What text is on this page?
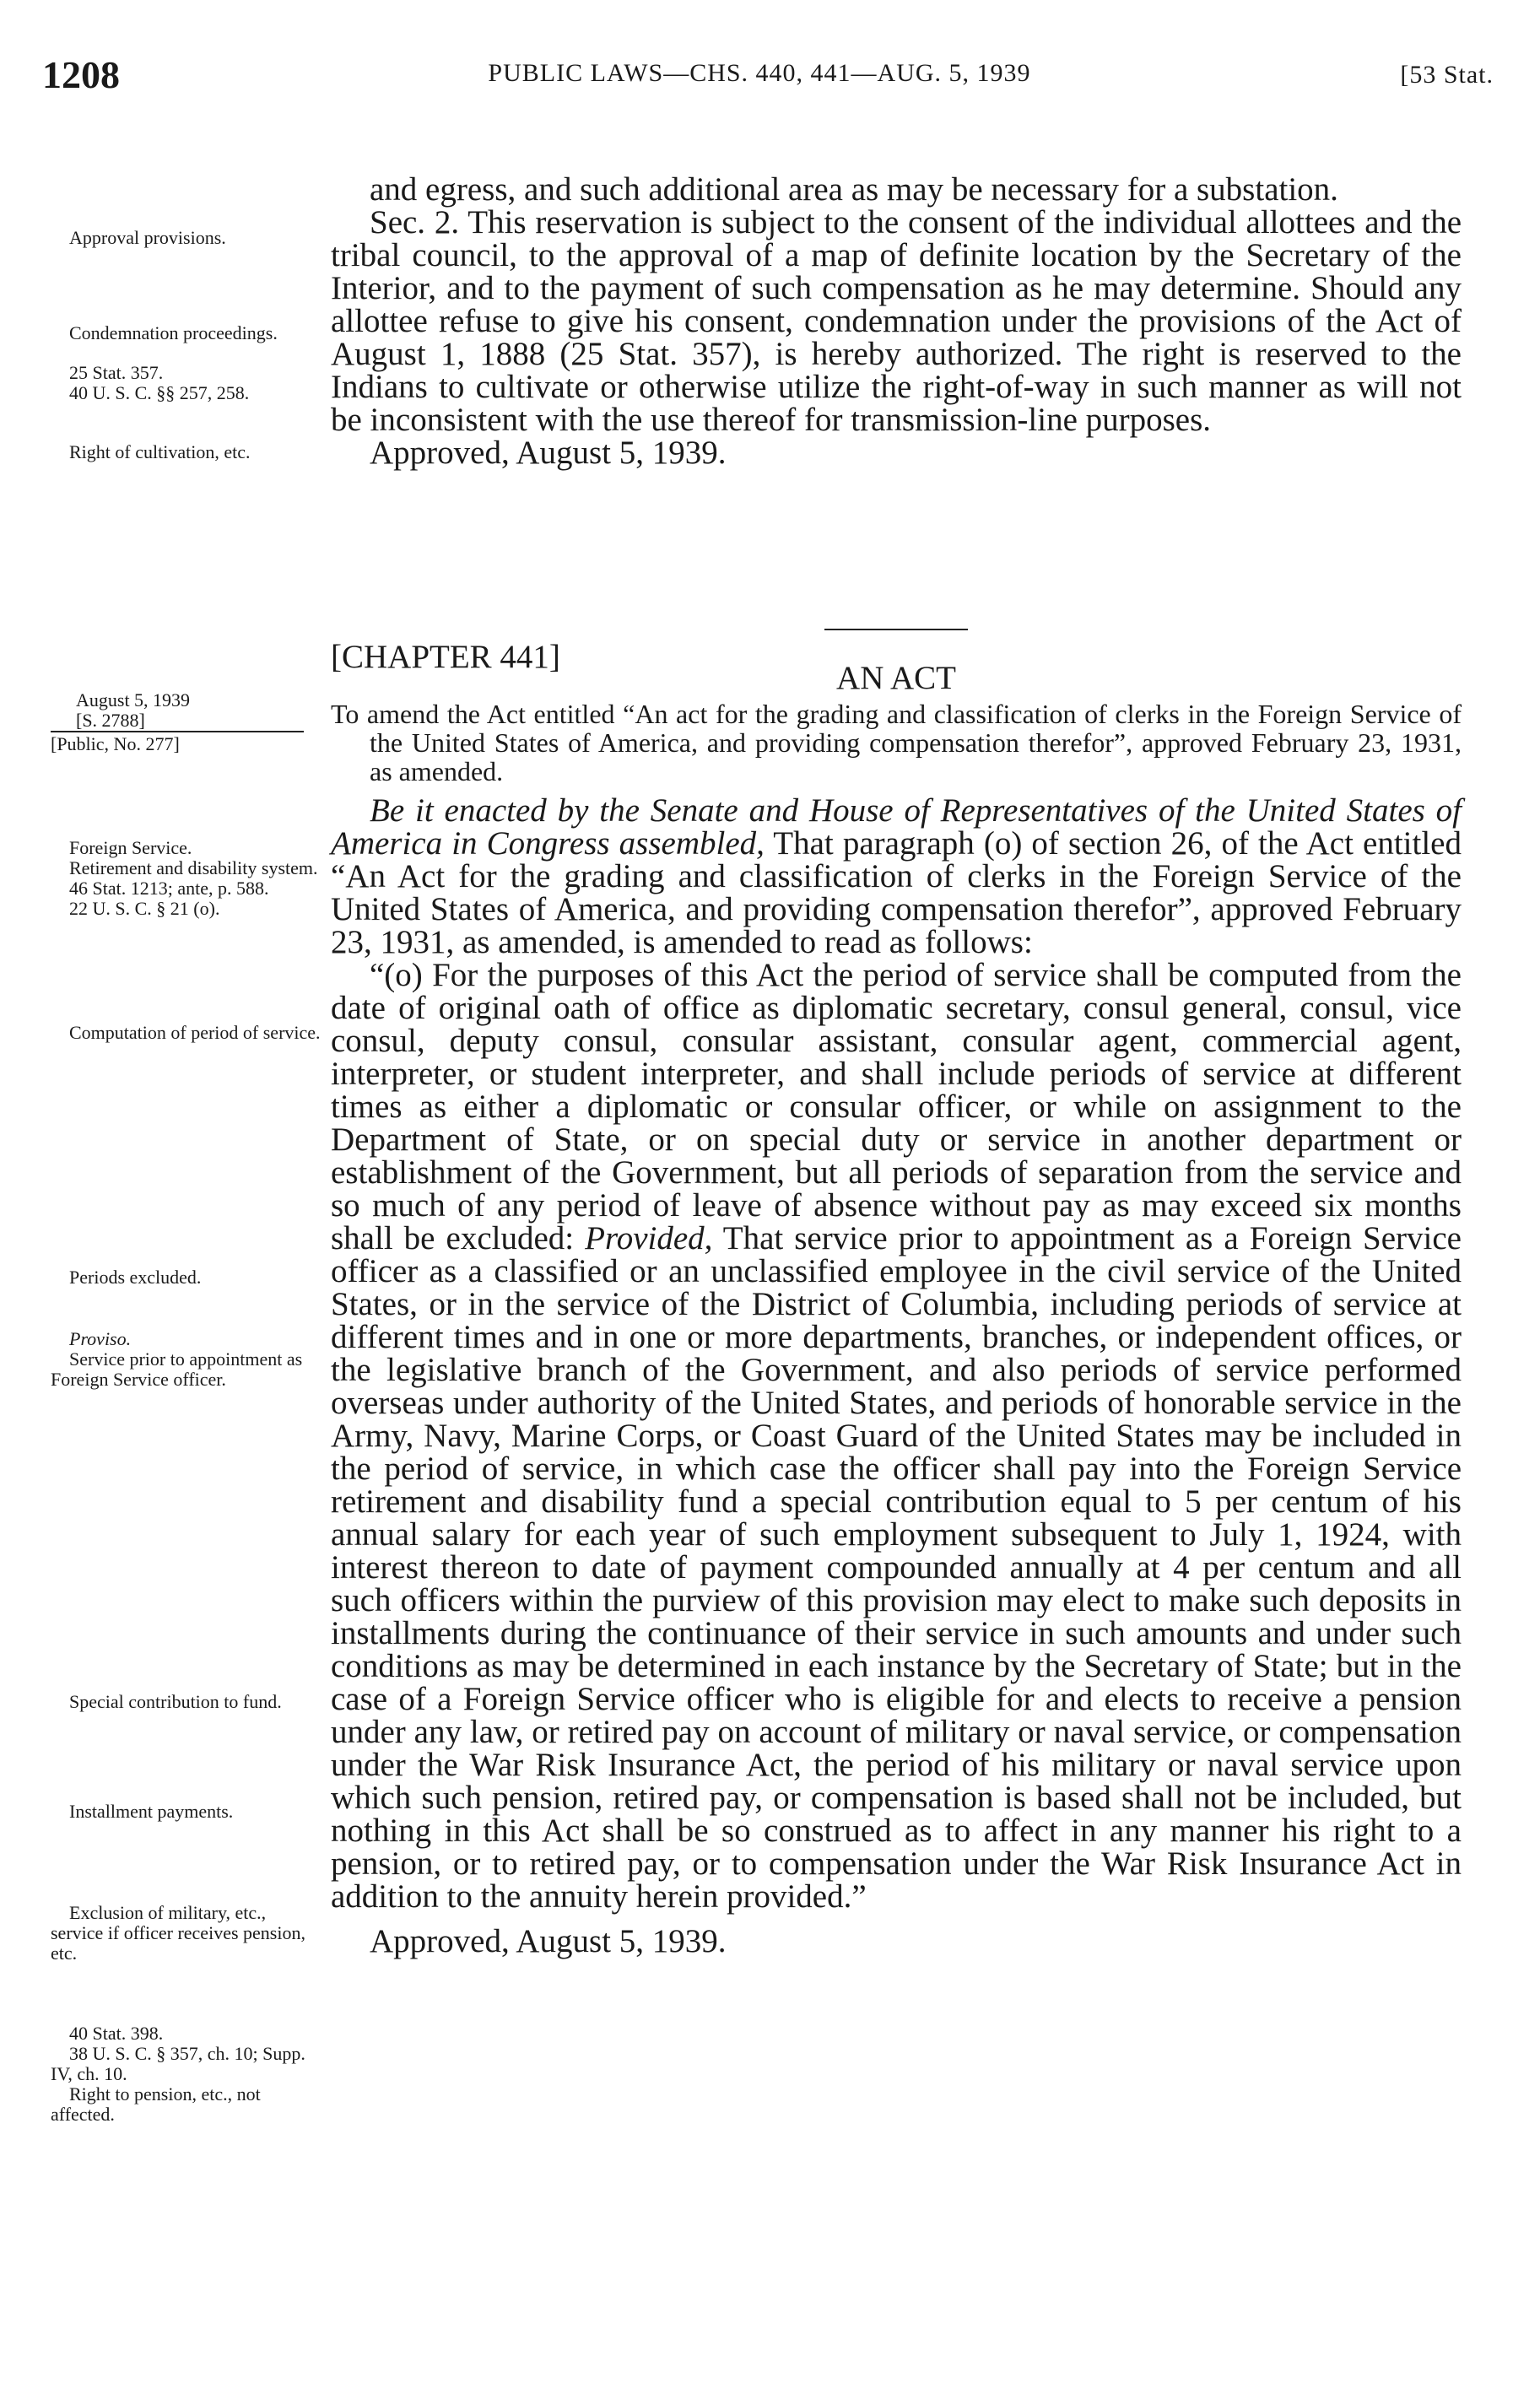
1208	PUBLIC LAWS—CHS. 440, 441—AUG. 5, 1939	[53 Stat.

Approval provisions.

Condemnation proceedings.

25 Stat. 357.

40 U. S. C. §§ 257, 258.

Right of cultivation, etc.

August 5, 1939

[S. 2788]

[Public, No. 277]

Foreign Service.

Retirement and disability system.

46 Stat. 1213; ante, p. 588.

22 U. S. C. § 21 (o).

Computation of period of service.

Periods excluded.

Proviso.

Service prior to appointment as Foreign Service officer.

Special contribution to fund.

Installment payments.

Exclusion of military, etc., service if officer receives pension, etc.

40 Stat. 398.

38 U. S. C. § 357, ch. 10; Supp. IV, ch. 10.

Right to pension, etc., not affected.

and egress, and such additional area as may be necessary for a substation.

Sec. 2. This reservation is subject to the consent of the individual allottees and the tribal council, to the approval of a map of definite location by the Secretary of the Interior, and to the payment of such compensation as he may determine. Should any allottee refuse to give his consent, condemnation under the provisions of the Act of August 1, 1888 (25 Stat. 357), is hereby authorized. The right is reserved to the Indians to cultivate or otherwise utilize the right-of-way in such manner as will not be inconsistent with the use thereof for transmission-line purposes.

Approved, August 5, 1939.

[CHAPTER 441]

AN ACT

To amend the Act entitled “An act for the grading and classification of clerks in the Foreign Service of the United States of America, and providing compensation therefor”, approved February 23, 1931, as amended.

Be it enacted by the Senate and House of Representatives of the United States of America in Congress assembled, That paragraph (o) of section 26, of the Act entitled “An Act for the grading and classification of clerks in the Foreign Service of the United States of America, and providing compensation therefor”, approved February 23, 1931, as amended, is amended to read as follows:

“(o) For the purposes of this Act the period of service shall be computed from the date of original oath of office as diplomatic secretary, consul general, consul, vice consul, deputy consul, consular assistant, consular agent, commercial agent, interpreter, or student interpreter, and shall include periods of service at different times as either a diplomatic or consular officer, or while on assignment to the Department of State, or on special duty or service in another department or establishment of the Government, but all periods of separation from the service and so much of any period of leave of absence without pay as may exceed six months shall be excluded: Provided, That service prior to appointment as a Foreign Service officer as a classified or an unclassified employee in the civil service of the United States, or in the service of the District of Columbia, including periods of service at different times and in one or more departments, branches, or independent offices, or the legislative branch of the Government, and also periods of service performed overseas under authority of the United States, and periods of honorable service in the Army, Navy, Marine Corps, or Coast Guard of the United States may be included in the period of service, in which case the officer shall pay into the Foreign Service retirement and disability fund a special contribution equal to 5 per centum of his annual salary for each year of such employment subsequent to July 1, 1924, with interest thereon to date of payment compounded annually at 4 per centum and all such officers within the purview of this provision may elect to make such deposits in installments during the continuance of their service in such amounts and under such conditions as may be determined in each instance by the Secretary of State; but in the case of a Foreign Service officer who is eligible for and elects to receive a pension under any law, or retired pay on account of military or naval service, or compensation under the War Risk Insurance Act, the period of his military or naval service upon which such pension, retired pay, or compensation is based shall not be included, but nothing in this Act shall be so construed as to affect in any manner his right to a pension, or to retired pay, or to compensation under the War Risk Insurance Act in addition to the annuity herein provided.”

Approved, August 5, 1939.
